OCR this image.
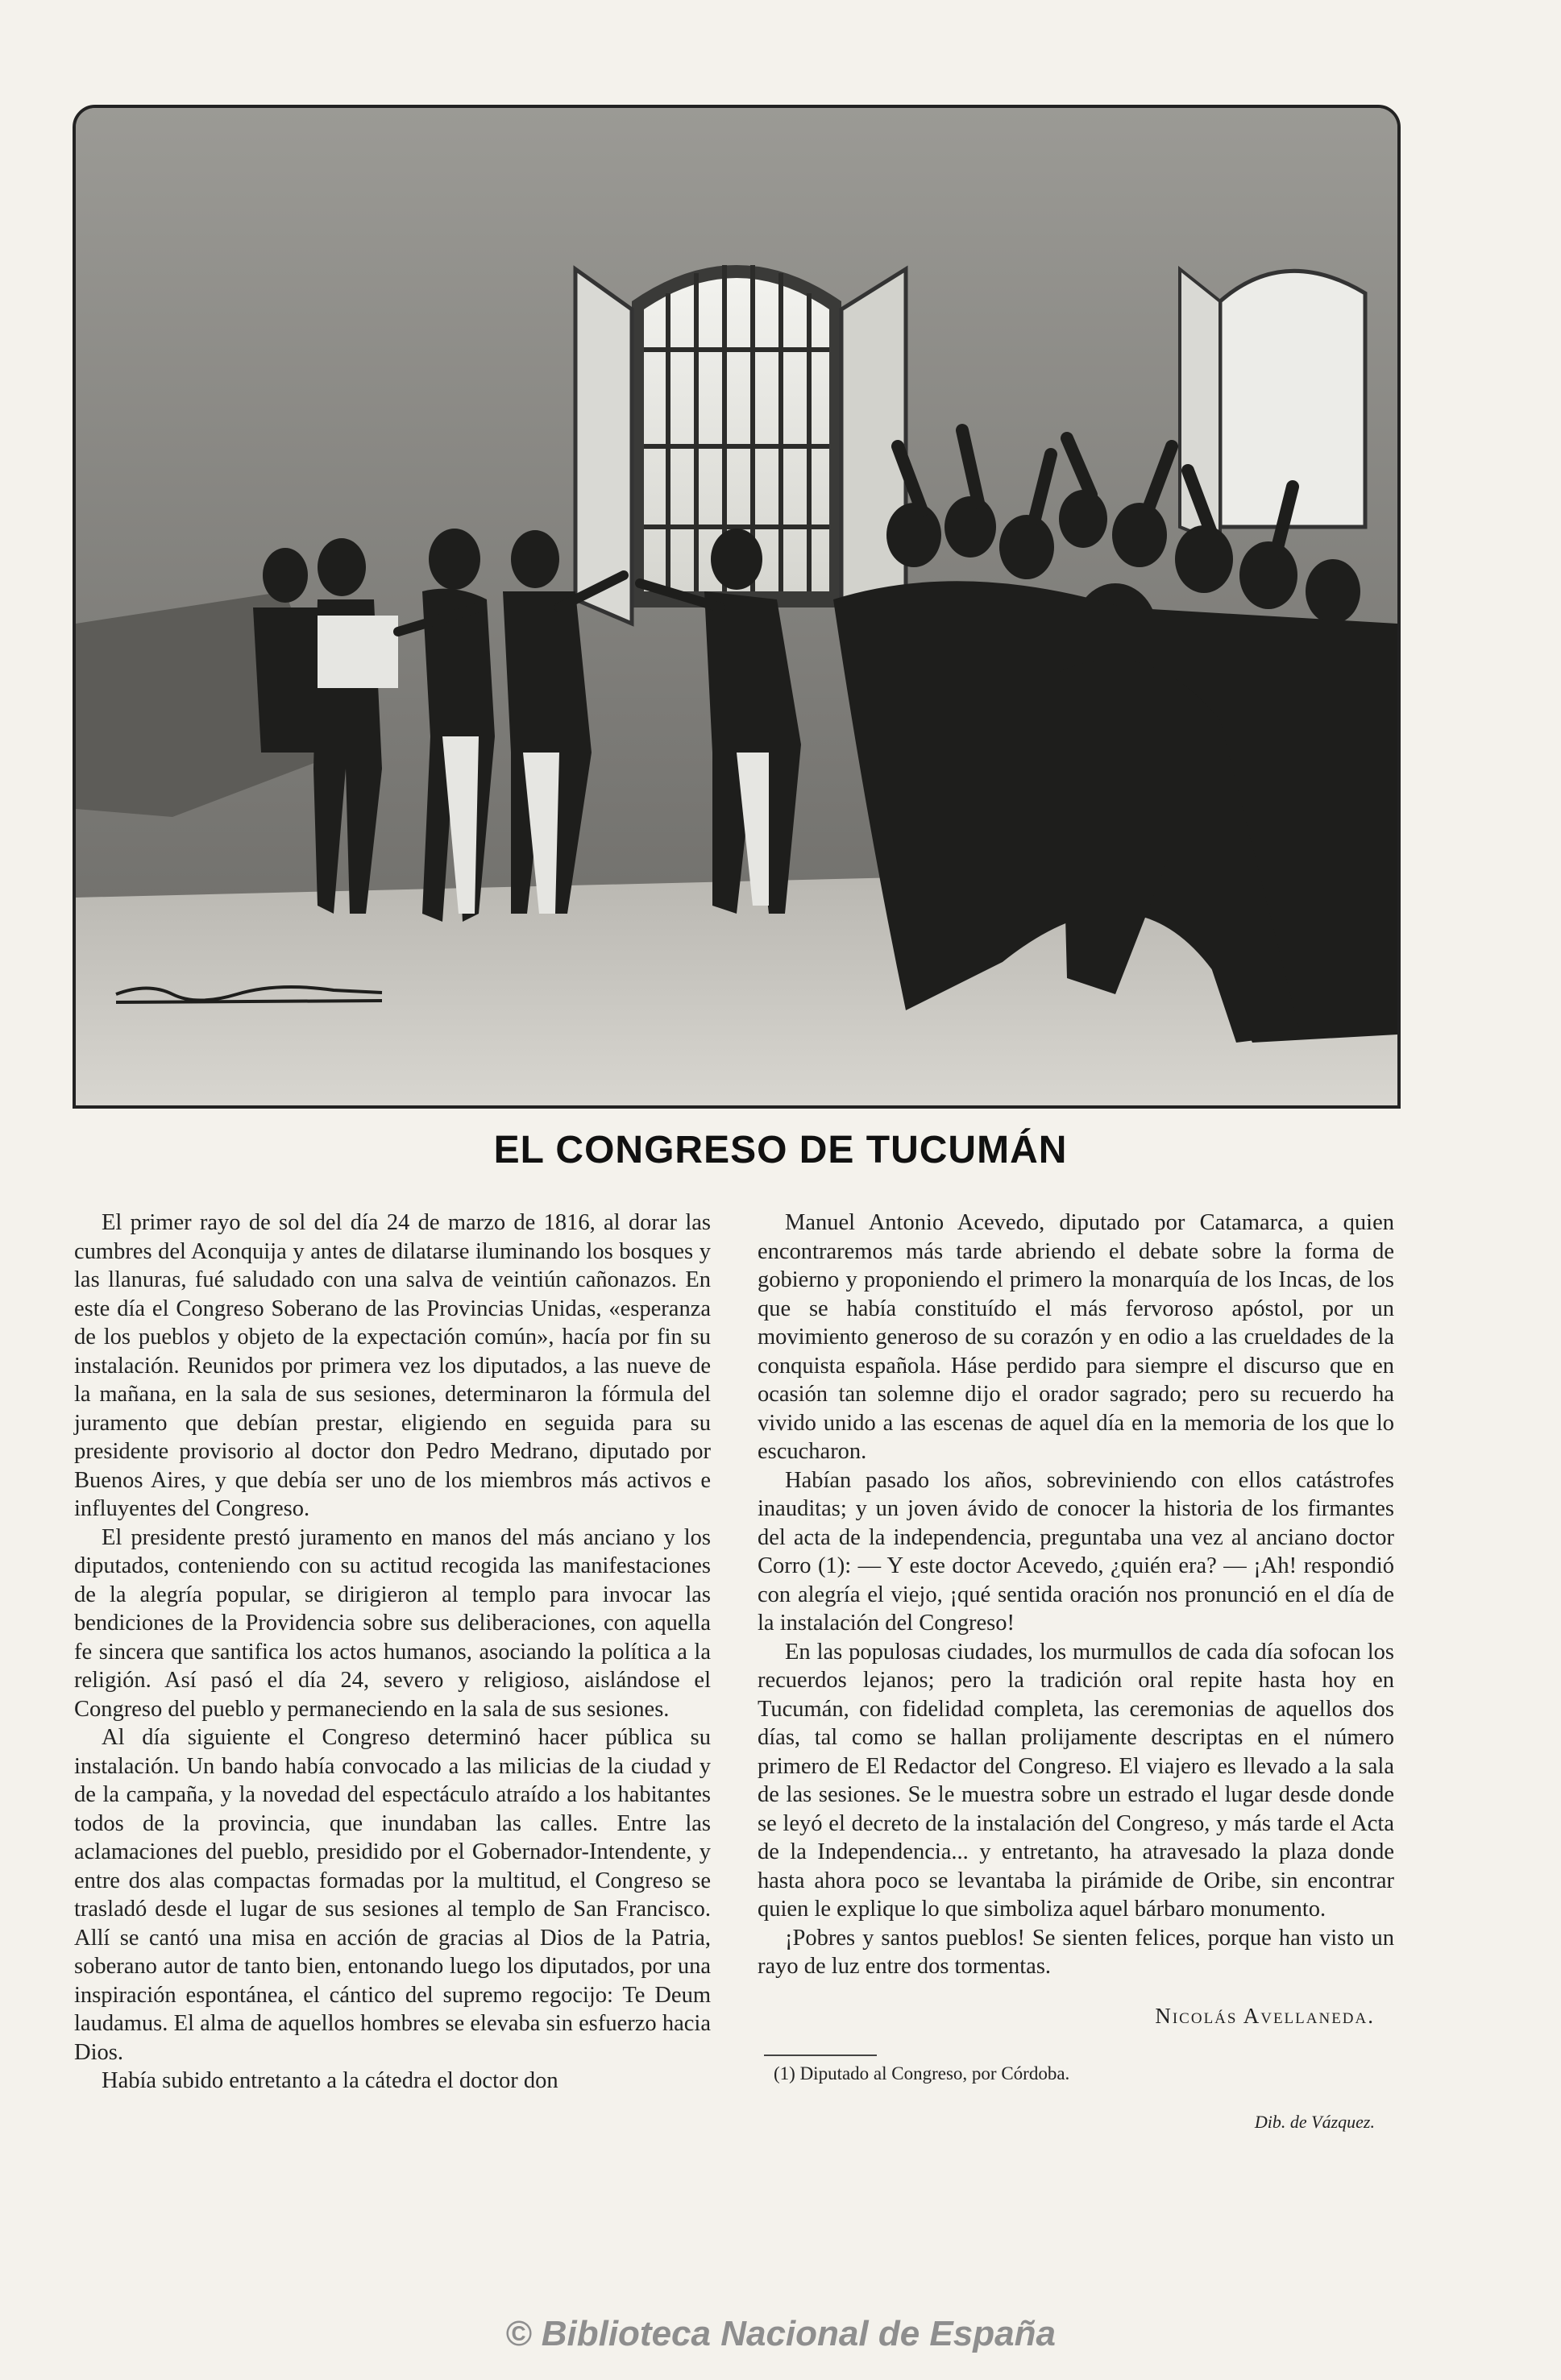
EL CONGRESO DE TUCUMÁN

El primer rayo de sol del día 24 de marzo de 1816, al dorar las cumbres del Aconquija y antes de dilatarse iluminando los bosques y las llanuras, fué saludado con una salva de veintiún cañonazos. En este día el Congreso Soberano de las Provincias Unidas, «esperanza de los pueblos y objeto de la expectación común», hacía por fin su instalación. Reunidos por primera vez los diputados, a las nueve de la mañana, en la sala de sus sesiones, determinaron la fórmula del juramento que debían prestar, eligiendo en seguida para su presidente provisorio al doctor don Pedro Medrano, diputado por Buenos Aires, y que debía ser uno de los miembros más activos e influyentes del Congreso.

El presidente prestó juramento en manos del más anciano y los diputados, conteniendo con su actitud recogida las manifestaciones de la alegría popular, se dirigieron al templo para invocar las bendiciones de la Providencia sobre sus deliberaciones, con aquella fe sincera que santifica los actos humanos, asociando la política a la religión. Así pasó el día 24, severo y religioso, aislándose el Congreso del pueblo y permaneciendo en la sala de sus sesiones.

Al día siguiente el Congreso determinó hacer pública su instalación. Un bando había convocado a las milicias de la ciudad y de la campaña, y la novedad del espectáculo atraído a los habitantes todos de la provincia, que inundaban las calles. Entre las aclamaciones del pueblo, presidido por el Gobernador-Intendente, y entre dos alas compactas formadas por la multitud, el Congreso se trasladó desde el lugar de sus sesiones al templo de San Francisco. Allí se cantó una misa en acción de gracias al Dios de la Patria, soberano autor de tanto bien, entonando luego los diputados, por una inspiración espontánea, el cántico del supremo regocijo: Te Deum laudamus. El alma de aquellos hombres se elevaba sin esfuerzo hacia Dios.

Había subido entretanto a la cátedra el doctor don

Manuel Antonio Acevedo, diputado por Catamarca, a quien encontraremos más tarde abriendo el debate sobre la forma de gobierno y proponiendo el primero la monarquía de los Incas, de los que se había constituído el más fervoroso apóstol, por un movimiento generoso de su corazón y en odio a las crueldades de la conquista española. Háse perdido para siempre el discurso que en ocasión tan solemne dijo el orador sagrado; pero su recuerdo ha vivido unido a las escenas de aquel día en la memoria de los que lo escucharon.

Habían pasado los años, sobreviniendo con ellos catástrofes inauditas; y un joven ávido de conocer la historia de los firmantes del acta de la independencia, preguntaba una vez al anciano doctor Corro (1): — Y este doctor Acevedo, ¿quién era? — ¡Ah! respondió con alegría el viejo, ¡qué sentida oración nos pronunció en el día de la instalación del Congreso!

En las populosas ciudades, los murmullos de cada día sofocan los recuerdos lejanos; pero la tradición oral repite hasta hoy en Tucumán, con fidelidad completa, las ceremonias de aquellos dos días, tal como se hallan prolijamente descriptas en el número primero de El Redactor del Congreso. El viajero es llevado a la sala de las sesiones. Se le muestra sobre un estrado el lugar desde donde se leyó el decreto de la instalación del Congreso, y más tarde el Acta de la Independencia... y entretanto, ha atravesado la plaza donde hasta ahora poco se levantaba la pirámide de Oribe, sin encontrar quien le explique lo que simboliza aquel bárbaro monumento.

¡Pobres y santos pueblos! Se sienten felices, porque han visto un rayo de luz entre dos tormentas.

Nicolás Avellaneda.

(1) Diputado al Congreso, por Córdoba.

Dib. de Vázquez.
© Biblioteca Nacional de España
